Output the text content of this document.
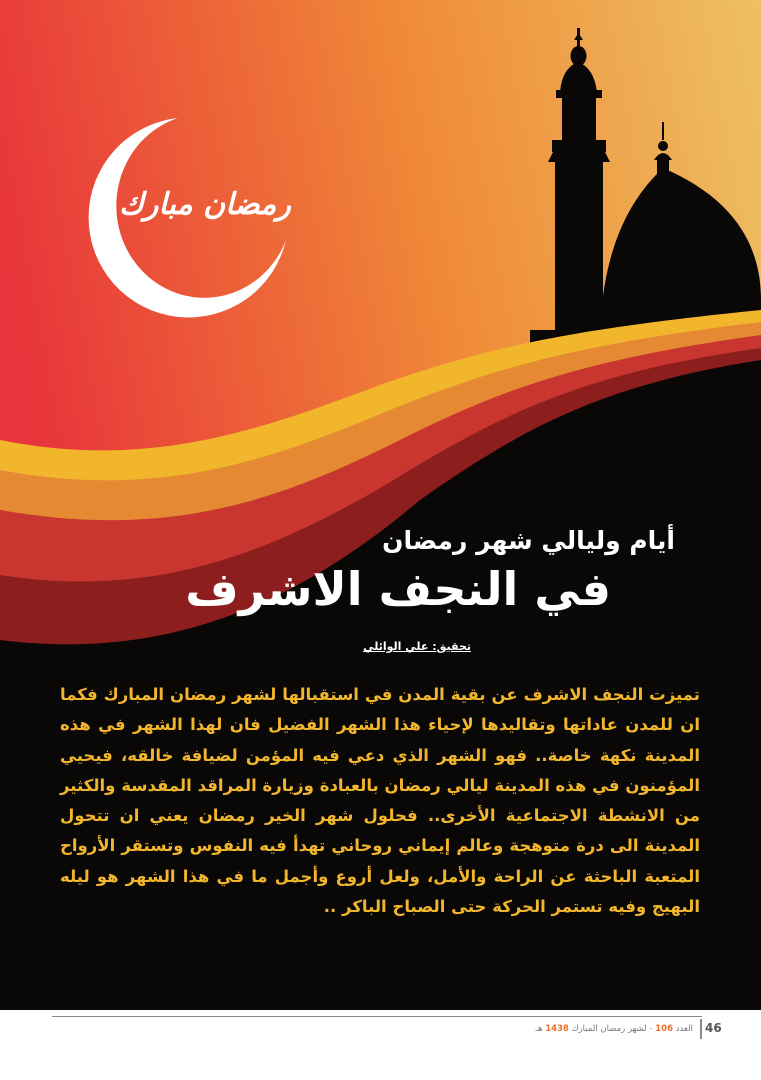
رمضان مبارك
أيام وليالي شهر رمضان
في النجف الاشرف
تحقيق: علي الوائلي
تميزت النجف الاشرف عن بقية المدن في استقبالها لشهر رمضان المبارك فكما ان للمدن عاداتها وتقاليدها لإحياء هذا الشهر الفضيل فان لهذا الشهر في هذه المدينة نكهة خاصة.. فهو الشهر الذي دعي فيه المؤمن لضيافة خالقه، فيحيي المؤمنون في هذه المدينة ليالي رمضان بالعبادة وزيارة المراقد المقدسة والكثير من الانشطة الاجتماعية الأخرى.. فحلول شهر الخير رمضان يعني ان تتحول المدينة الى درة متوهجة وعالم إيماني روحاني تهدأ فيه النفوس وتستقر الأرواح المتعبة الباحثة عن الراحة والأمل، ولعل أروع وأجمل ما في هذا الشهر هو ليله البهيج وفيه تستمر الحركة حتى الصباح الباكر ..
46
العدد 106 - لشهر رمضان المبارك 1438 هـ
